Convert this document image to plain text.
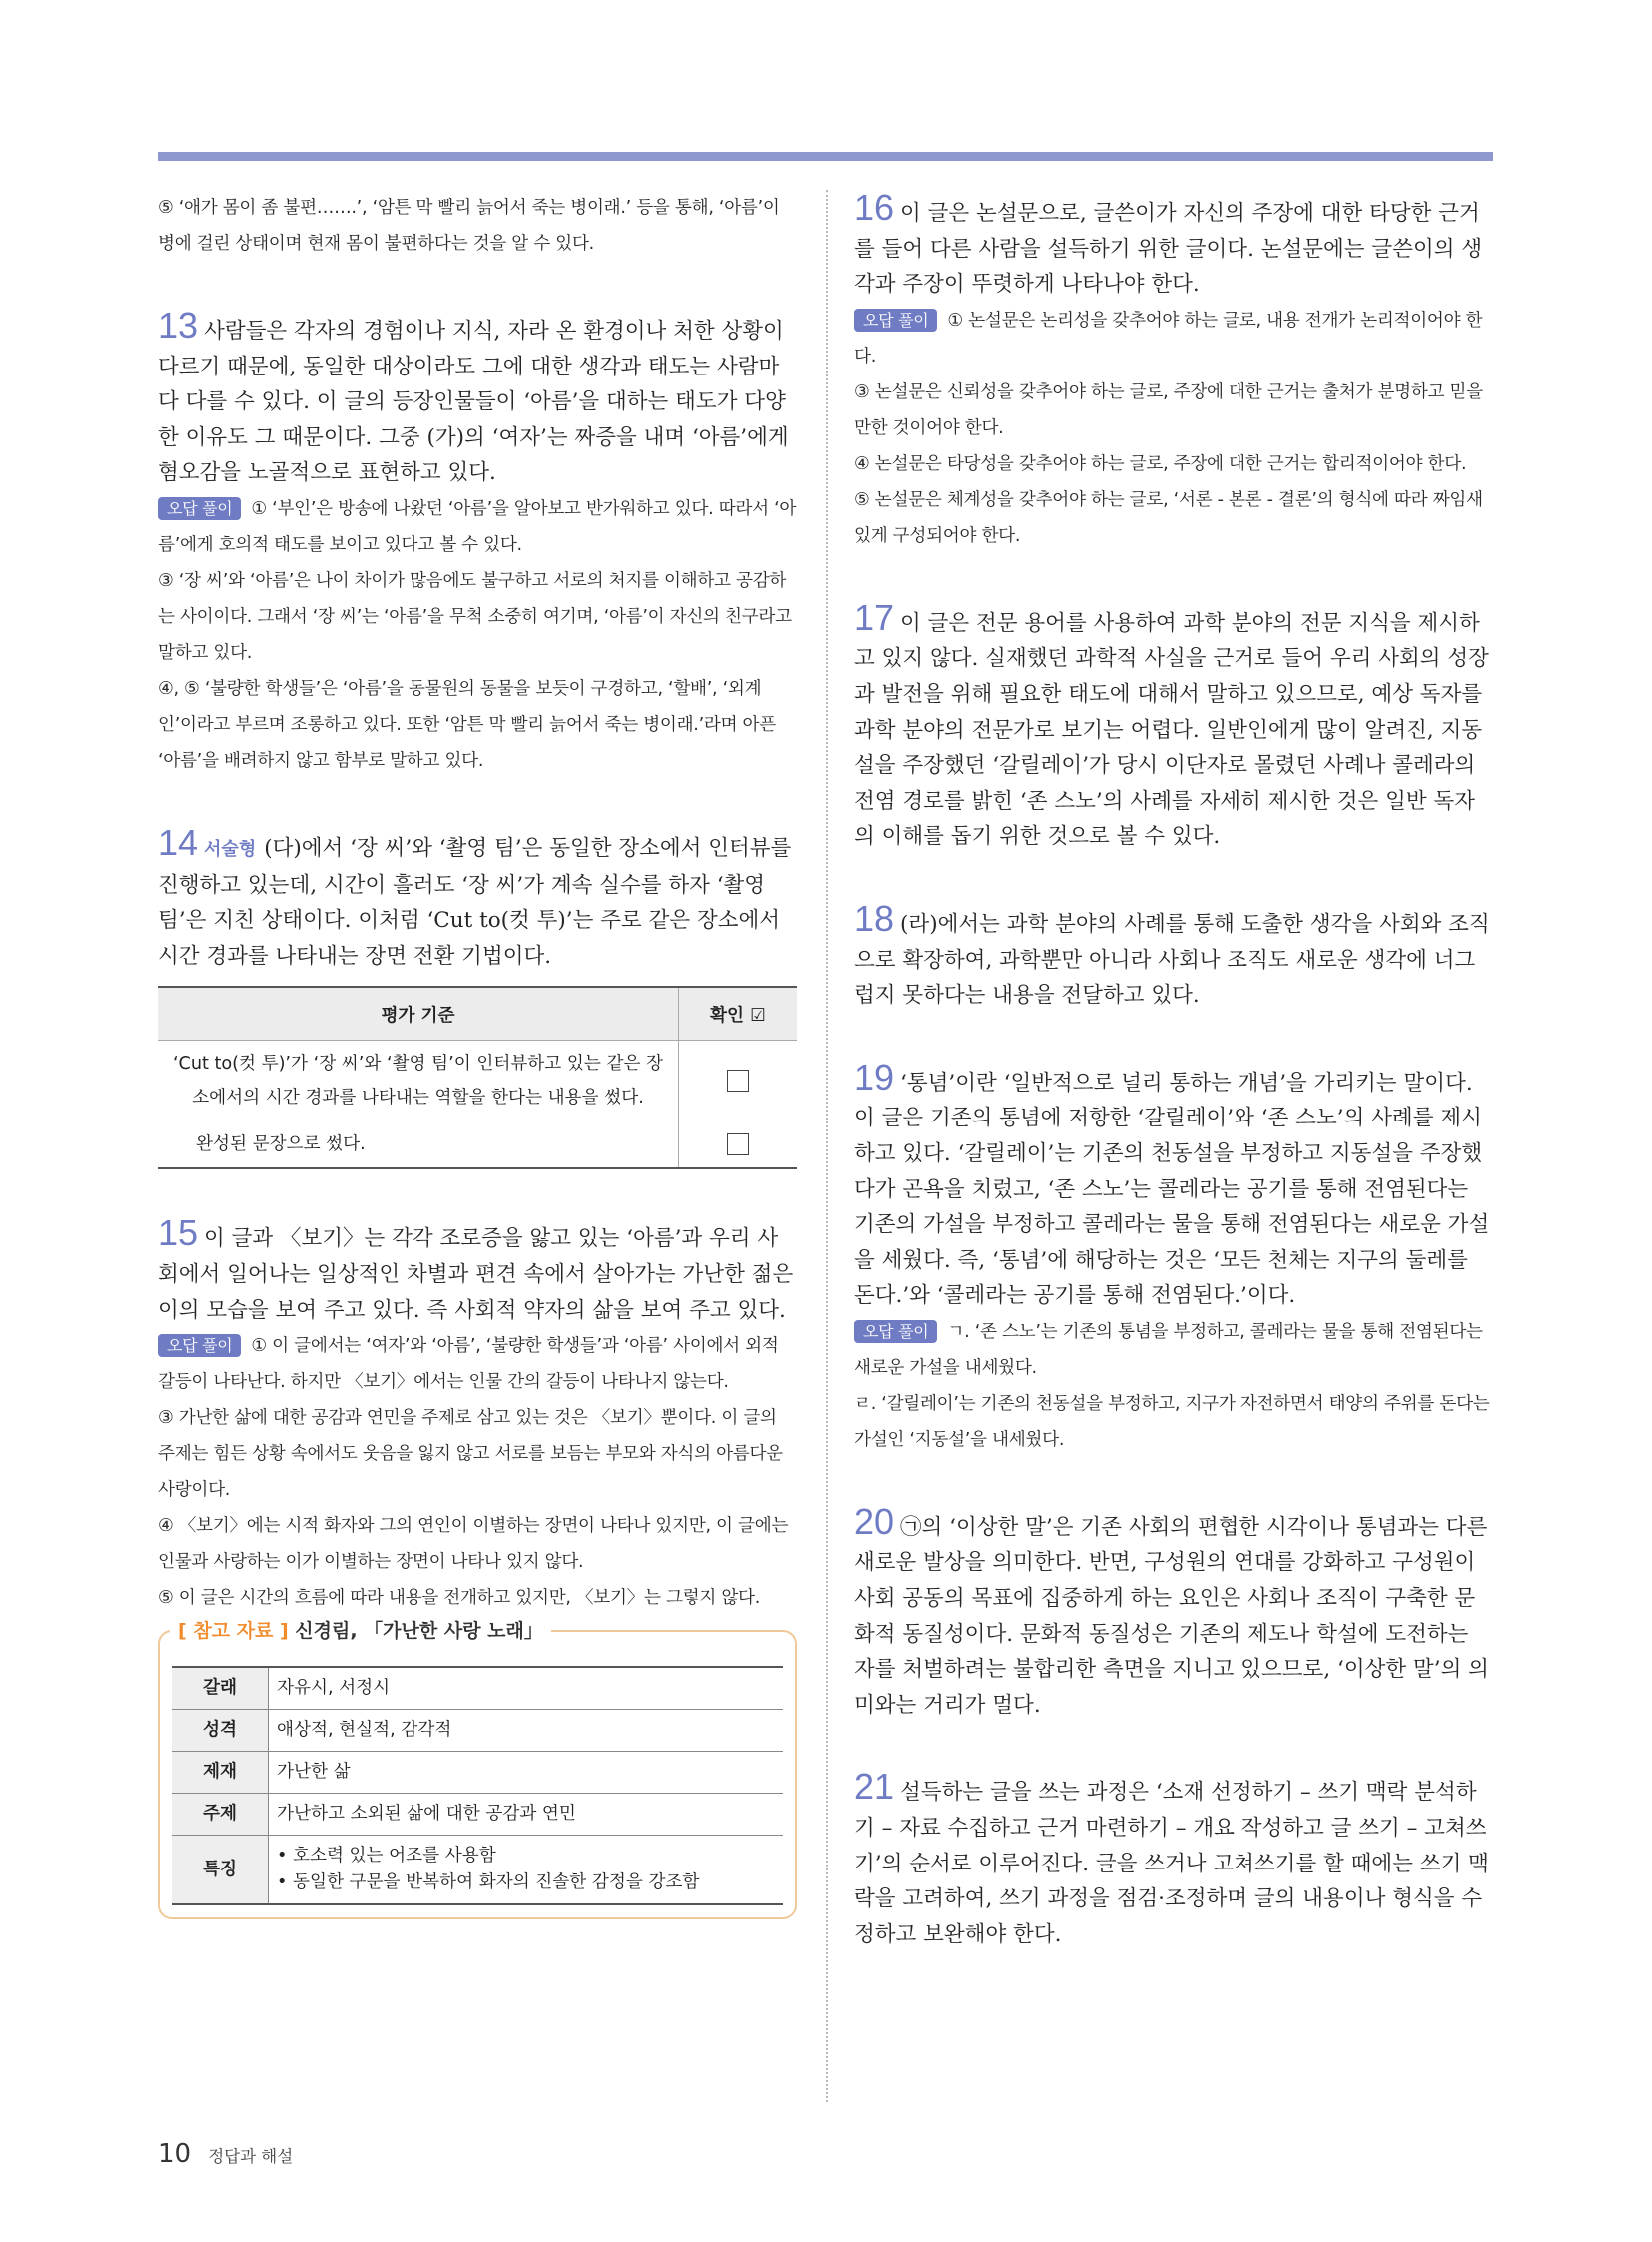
⑤ ‘애가 몸이 좀 불편…….’, ‘암튼 막 빨리 늙어서 죽는 병이래.’ 등을 통해, ‘아름’이 병에 걸린 상태이며 현재 몸이 불편하다는 것을 알 수 있다.

13 사람들은 각자의 경험이나 지식, 자라 온 환경이나 처한 상황이 다르기 때문에, 동일한 대상이라도 그에 대한 생각과 태도는 사람마다 다를 수 있다. 이 글의 등장인물들이 ‘아름’을 대하는 태도가 다양한 이유도 그 때문이다. 그중 (가)의 ‘여자’는 짜증을 내며 ‘아름’에게 혐오감을 노골적으로 표현하고 있다.

오답 풀이 ① ‘부인’은 방송에 나왔던 ‘아름’을 알아보고 반가워하고 있다. 따라서 ‘아름’에게 호의적 태도를 보이고 있다고 볼 수 있다.

③ ‘장 씨’와 ‘아름’은 나이 차이가 많음에도 불구하고 서로의 처지를 이해하고 공감하는 사이이다. 그래서 ‘장 씨’는 ‘아름’을 무척 소중히 여기며, ‘아름’이 자신의 친구라고 말하고 있다.

④, ⑤ ‘불량한 학생들’은 ‘아름’을 동물원의 동물을 보듯이 구경하고, ‘할배’, ‘외계인’이라고 부르며 조롱하고 있다. 또한 ‘암튼 막 빨리 늙어서 죽는 병이래.’라며 아픈 ‘아름’을 배려하지 않고 함부로 말하고 있다.

14 서술형 (다)에서 ‘장 씨’와 ‘촬영 팀’은 동일한 장소에서 인터뷰를 진행하고 있는데, 시간이 흘러도 ‘장 씨’가 계속 실수를 하자 ‘촬영 팀’은 지친 상태이다. 이처럼 ‘Cut to(컷 투)’는 주로 같은 장소에서 시간 경과를 나타내는 장면 전환 기법이다.

평가 기준	확인 ☑
‘Cut to(컷 투)’가 ‘장 씨’와 ‘촬영 팀’이 인터뷰하고 있는 같은 장소에서의 시간 경과를 나타내는 역할을 한다는 내용을 썼다.	
완성된 문장으로 썼다.	

15 이 글과 〈보기〉는 각각 조로증을 앓고 있는 ‘아름’과 우리 사회에서 일어나는 일상적인 차별과 편견 속에서 살아가는 가난한 젊은이의 모습을 보여 주고 있다. 즉 사회적 약자의 삶을 보여 주고 있다.

오답 풀이 ① 이 글에서는 ‘여자’와 ‘아름’, ‘불량한 학생들’과 ‘아름’ 사이에서 외적 갈등이 나타난다. 하지만 〈보기〉에서는 인물 간의 갈등이 나타나지 않는다.

③ 가난한 삶에 대한 공감과 연민을 주제로 삼고 있는 것은 〈보기〉뿐이다. 이 글의 주제는 힘든 상황 속에서도 웃음을 잃지 않고 서로를 보듬는 부모와 자식의 아름다운 사랑이다.

④ 〈보기〉에는 시적 화자와 그의 연인이 이별하는 장면이 나타나 있지만, 이 글에는 인물과 사랑하는 이가 이별하는 장면이 나타나 있지 않다.

⑤ 이 글은 시간의 흐름에 따라 내용을 전개하고 있지만, 〈보기〉는 그렇지 않다.

[ 참고 자료 ] 신경림, 「가난한 사랑 노래」
갈래	자유시, 서정시
성격	애상적, 현실적, 감각적
제재	가난한 삶
주제	가난하고 소외된 삶에 대한 공감과 연민
특징	• 호소력 있는 어조를 사용함
• 동일한 구문을 반복하여 화자의 진솔한 감정을 강조함

16 이 글은 논설문으로, 글쓴이가 자신의 주장에 대한 타당한 근거를 들어 다른 사람을 설득하기 위한 글이다. 논설문에는 글쓴이의 생각과 주장이 뚜렷하게 나타나야 한다.

오답 풀이 ① 논설문은 논리성을 갖추어야 하는 글로, 내용 전개가 논리적이어야 한다.

③ 논설문은 신뢰성을 갖추어야 하는 글로, 주장에 대한 근거는 출처가 분명하고 믿을 만한 것이어야 한다.

④ 논설문은 타당성을 갖추어야 하는 글로, 주장에 대한 근거는 합리적이어야 한다.

⑤ 논설문은 체계성을 갖추어야 하는 글로, ‘서론 - 본론 - 결론’의 형식에 따라 짜임새 있게 구성되어야 한다.

17 이 글은 전문 용어를 사용하여 과학 분야의 전문 지식을 제시하고 있지 않다. 실재했던 과학적 사실을 근거로 들어 우리 사회의 성장과 발전을 위해 필요한 태도에 대해서 말하고 있으므로, 예상 독자를 과학 분야의 전문가로 보기는 어렵다. 일반인에게 많이 알려진, 지동설을 주장했던 ‘갈릴레이’가 당시 이단자로 몰렸던 사례나 콜레라의 전염 경로를 밝힌 ‘존 스노’의 사례를 자세히 제시한 것은 일반 독자의 이해를 돕기 위한 것으로 볼 수 있다.

18 (라)에서는 과학 분야의 사례를 통해 도출한 생각을 사회와 조직으로 확장하여, 과학뿐만 아니라 사회나 조직도 새로운 생각에 너그럽지 못하다는 내용을 전달하고 있다.

19 ‘통념’이란 ‘일반적으로 널리 통하는 개념’을 가리키는 말이다. 이 글은 기존의 통념에 저항한 ‘갈릴레이’와 ‘존 스노’의 사례를 제시하고 있다. ‘갈릴레이’는 기존의 천동설을 부정하고 지동설을 주장했다가 곤욕을 치렀고, ‘존 스노’는 콜레라는 공기를 통해 전염된다는 기존의 가설을 부정하고 콜레라는 물을 통해 전염된다는 새로운 가설을 세웠다. 즉, ‘통념’에 해당하는 것은 ‘모든 천체는 지구의 둘레를 돈다.’와 ‘콜레라는 공기를 통해 전염된다.’이다.

오답 풀이 ㄱ. ‘존 스노’는 기존의 통념을 부정하고, 콜레라는 물을 통해 전염된다는 새로운 가설을 내세웠다.

ㄹ. ‘갈릴레이’는 기존의 천동설을 부정하고, 지구가 자전하면서 태양의 주위를 돈다는 가설인 ‘지동설’을 내세웠다.

20 ㉠의 ‘이상한 말’은 기존 사회의 편협한 시각이나 통념과는 다른 새로운 발상을 의미한다. 반면, 구성원의 연대를 강화하고 구성원이 사회 공동의 목표에 집중하게 하는 요인은 사회나 조직이 구축한 문화적 동질성이다. 문화적 동질성은 기존의 제도나 학설에 도전하는 자를 처벌하려는 불합리한 측면을 지니고 있으므로, ‘이상한 말’의 의미와는 거리가 멀다.

21 설득하는 글을 쓰는 과정은 ‘소재 선정하기 – 쓰기 맥락 분석하기 – 자료 수집하고 근거 마련하기 – 개요 작성하고 글 쓰기 – 고쳐쓰기’의 순서로 이루어진다. 글을 쓰거나 고쳐쓰기를 할 때에는 쓰기 맥락을 고려하여, 쓰기 과정을 점검·조정하며 글의 내용이나 형식을 수정하고 보완해야 한다.

10 정답과 해설
